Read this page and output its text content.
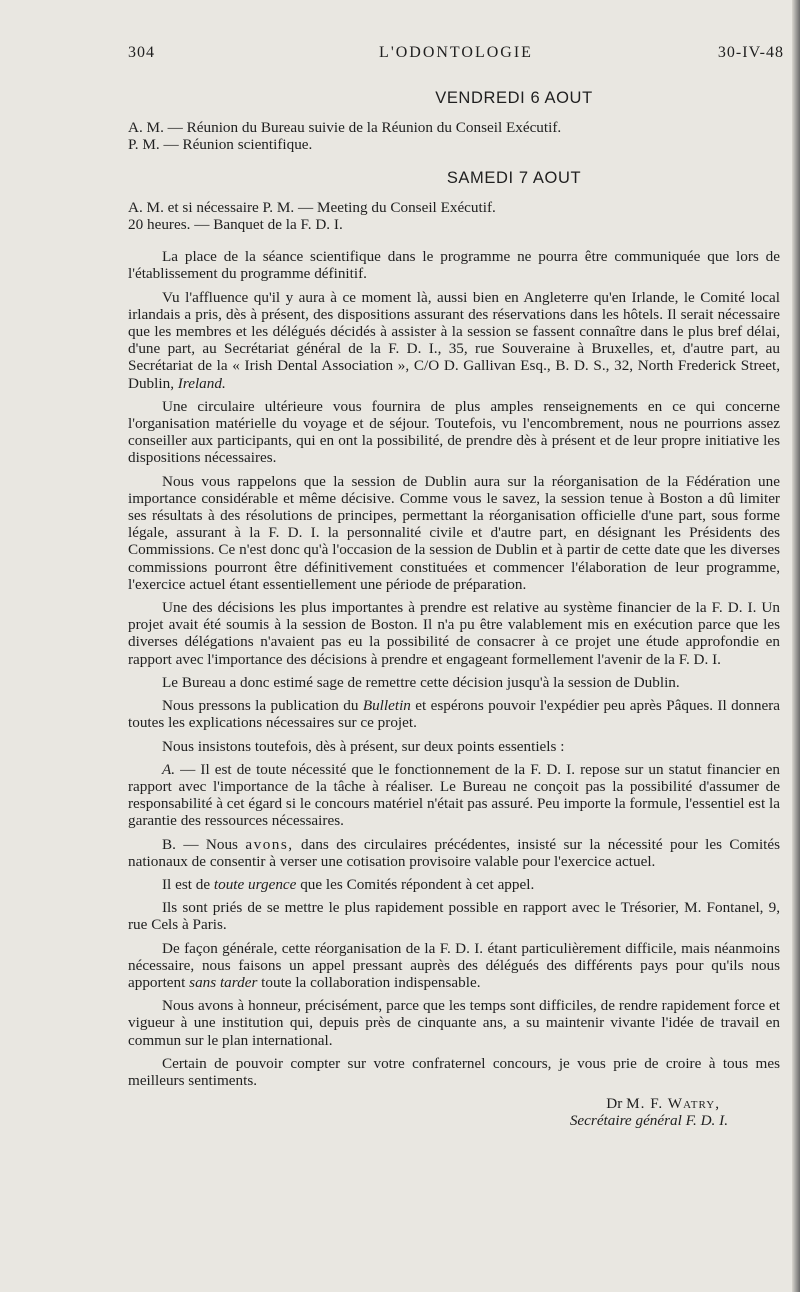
304	L'ODONTOLOGIE	30-IV-48
VENDREDI 6 AOUT

A. M. — Réunion du Bureau suivie de la Réunion du Conseil Exécutif.

P. M. — Réunion scientifique.

SAMEDI 7 AOUT

A. M. et si nécessaire P. M. — Meeting du Conseil Exécutif.

20 heures. — Banquet de la F. D. I.

La place de la séance scientifique dans le programme ne pourra être communiquée que lors de l'établissement du programme définitif.

Vu l'affluence qu'il y aura à ce moment là, aussi bien en Angleterre qu'en Irlande, le Comité local irlandais a pris, dès à présent, des dispositions assurant des réservations dans les hôtels. Il serait nécessaire que les membres et les délégués décidés à assister à la session se fassent connaître dans le plus bref délai, d'une part, au Secrétariat général de la F. D. I., 35, rue Souveraine à Bruxelles, et, d'autre part, au Secrétariat de la « Irish Dental Association », C/O D. Gallivan Esq., B. D. S., 32, North Frederick Street, Dublin, Ireland.

Une circulaire ultérieure vous fournira de plus amples renseignements en ce qui concerne l'organisation matérielle du voyage et de séjour. Toutefois, vu l'encombrement, nous ne pourrions assez conseiller aux participants, qui en ont la possibilité, de prendre dès à présent et de leur propre initiative les dispositions nécessaires.

Nous vous rappelons que la session de Dublin aura sur la réorganisation de la Fédération une importance considérable et même décisive. Comme vous le savez, la session tenue à Boston a dû limiter ses résultats à des résolutions de principes, permettant la réorganisation officielle d'une part, sous forme légale, assurant à la F. D. I. la personnalité civile et d'autre part, en désignant les Présidents des Commissions. Ce n'est donc qu'à l'occasion de la session de Dublin et à partir de cette date que les diverses commissions pourront être définitivement constituées et commencer l'élaboration de leur programme, l'exercice actuel étant essentiellement une période de préparation.

Une des décisions les plus importantes à prendre est relative au système financier de la F. D. I. Un projet avait été soumis à la session de Boston. Il n'a pu être valablement mis en exécution parce que les diverses délégations n'avaient pas eu la possibilité de consacrer à ce projet une étude approfondie en rapport avec l'importance des décisions à prendre et engageant formellement l'avenir de la F. D. I.

Le Bureau a donc estimé sage de remettre cette décision jusqu'à la session de Dublin.

Nous pressons la publication du Bulletin et espérons pouvoir l'expédier peu après Pâques. Il donnera toutes les explications nécessaires sur ce projet.

Nous insistons toutefois, dès à présent, sur deux points essentiels :

A. — Il est de toute nécessité que le fonctionnement de la F. D. I. repose sur un statut financier en rapport avec l'importance de la tâche à réaliser. Le Bureau ne conçoit pas la possibilité d'assumer de responsabilité à cet égard si le concours matériel n'était pas assuré. Peu importe la formule, l'essentiel est la garantie des ressources nécessaires.

B. — Nous avons, dans des circulaires précédentes, insisté sur la nécessité pour les Comités nationaux de consentir à verser une cotisation provisoire valable pour l'exercice actuel.

Il est de toute urgence que les Comités répondent à cet appel.

Ils sont priés de se mettre le plus rapidement possible en rapport avec le Trésorier, M. Fontanel, 9, rue Cels à Paris.

De façon générale, cette réorganisation de la F. D. I. étant particulièrement difficile, mais néanmoins nécessaire, nous faisons un appel pressant auprès des délégués des différents pays pour qu'ils nous apportent sans tarder toute la collaboration indispensable.

Nous avons à honneur, précisément, parce que les temps sont difficiles, de rendre rapidement force et vigueur à une institution qui, depuis près de cinquante ans, a su maintenir vivante l'idée de travail en commun sur le plan international.

Certain de pouvoir compter sur votre confraternel concours, je vous prie de croire à tous mes meilleurs sentiments.

Dr M. F. Watry,

Secrétaire général F. D. I.
